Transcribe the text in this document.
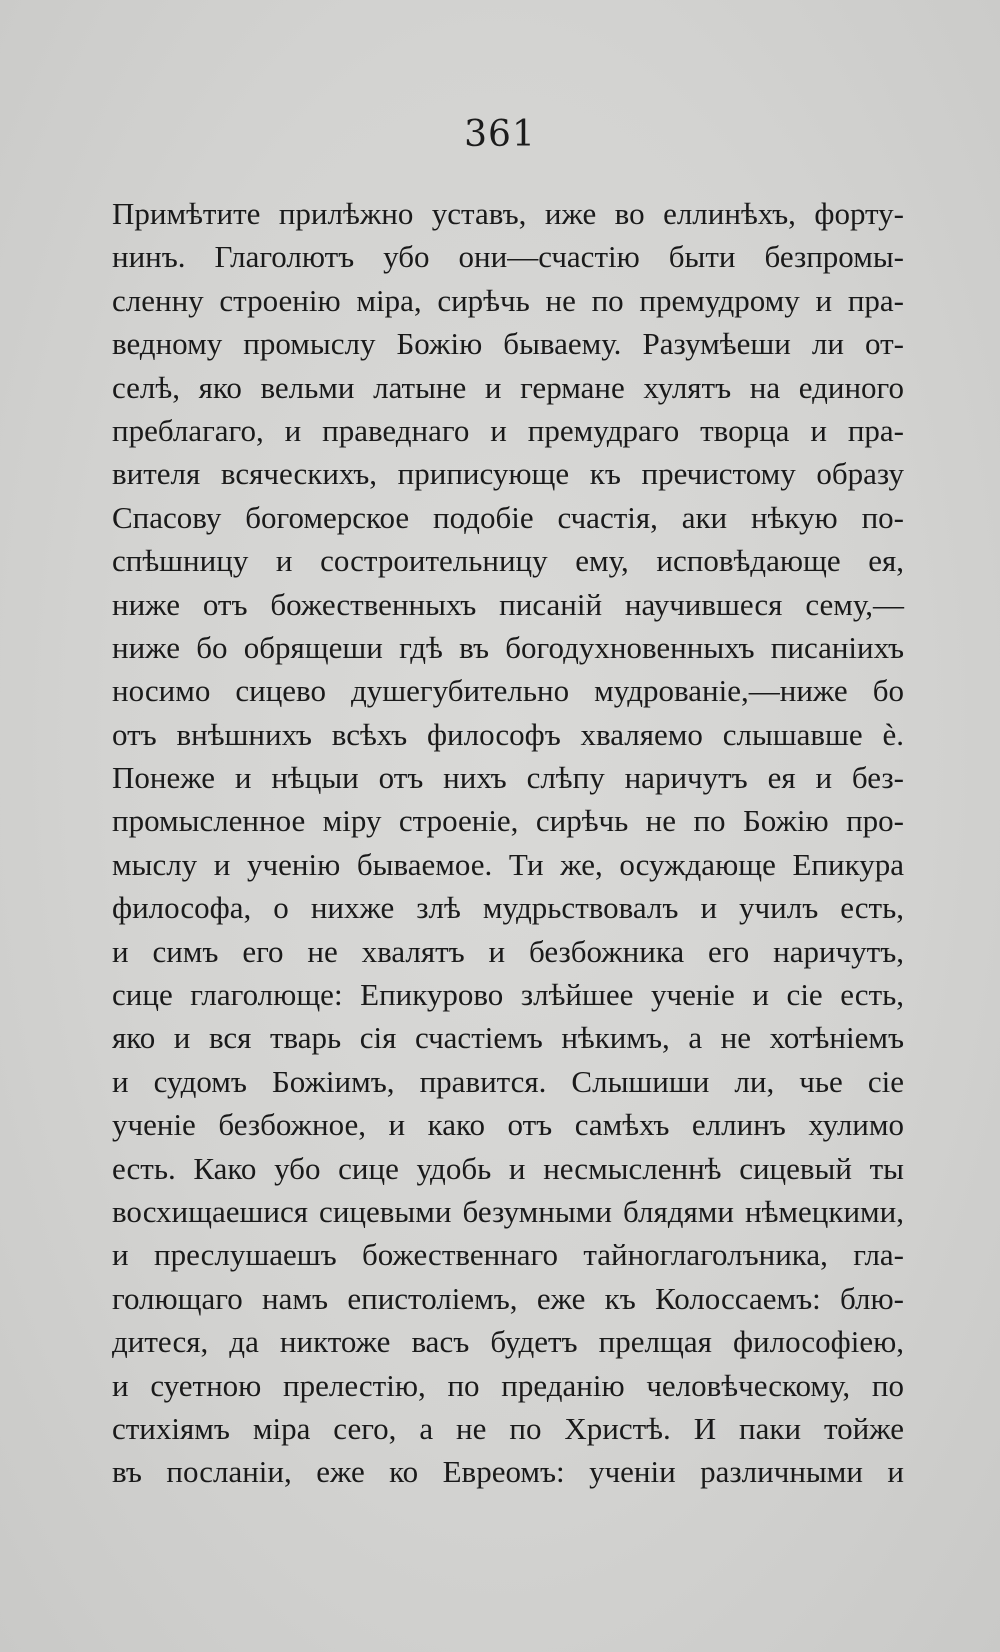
361
Примѣтите прилѣжно уставъ, иже во еллинѣхъ, форту-
нинъ. Глаголютъ убо они—счастію быти безпромы-
сленну строенію міра, сирѣчь не по премудрому и пра-
ведному промыслу Божію бываему. Разумѣеши ли от-
селѣ, яко вельми латыне и германе хулятъ на единого
преблагаго, и праведнаго и премудраго творца и пра-
вителя всяческихъ, приписующе къ пречистому образу
Спасову богомерское подобіе счастія, аки нѣкую по-
спѣшницу и состроительницу ему, исповѣдающе ея,
ниже отъ божественныхъ писаній научившеся сему,—
ниже бо обрящеши гдѣ въ богодухновенныхъ писаніихъ
носимо сицево душегубительно мудрованіе,—ниже бо
отъ внѣшнихъ всѣхъ философъ хваляемо слышавше ѐ.
Понеже и нѣцыи отъ нихъ слѣпу наричутъ ея и без-
промысленное міру строеніе, сирѣчь не по Божію про-
мыслу и ученію бываемое. Ти же, осуждающе Епикура
философа, о нихже злѣ мудрьствовалъ и училъ есть,
и симъ его не хвалятъ и безбожника его наричутъ,
сице глаголюще: Епикурово злѣйшее ученіе и сіе есть,
яко и вся тварь сія счастіемъ нѣкимъ, а не хотѣніемъ
и судомъ Божіимъ, правится. Слышиши ли, чье сіе
ученіе безбожное, и како отъ самѣхъ еллинъ хулимо
есть. Како убо сице удобь и несмысленнѣ сицевый ты
восхищаешися сицевыми безумными блядями нѣмецкими,
и преслушаешъ божественнаго тайноглаголъника, гла-
голющаго намъ епистоліемъ, еже къ Колоссаемъ: блю-
дитеся, да никтоже васъ будетъ прелщая философіею,
и суетною прелестію, по преданію человѣческому, по
стихіямъ міра сего, а не по Христѣ. И паки тойже
въ посланіи, еже ко Евреомъ: ученіи различными и
